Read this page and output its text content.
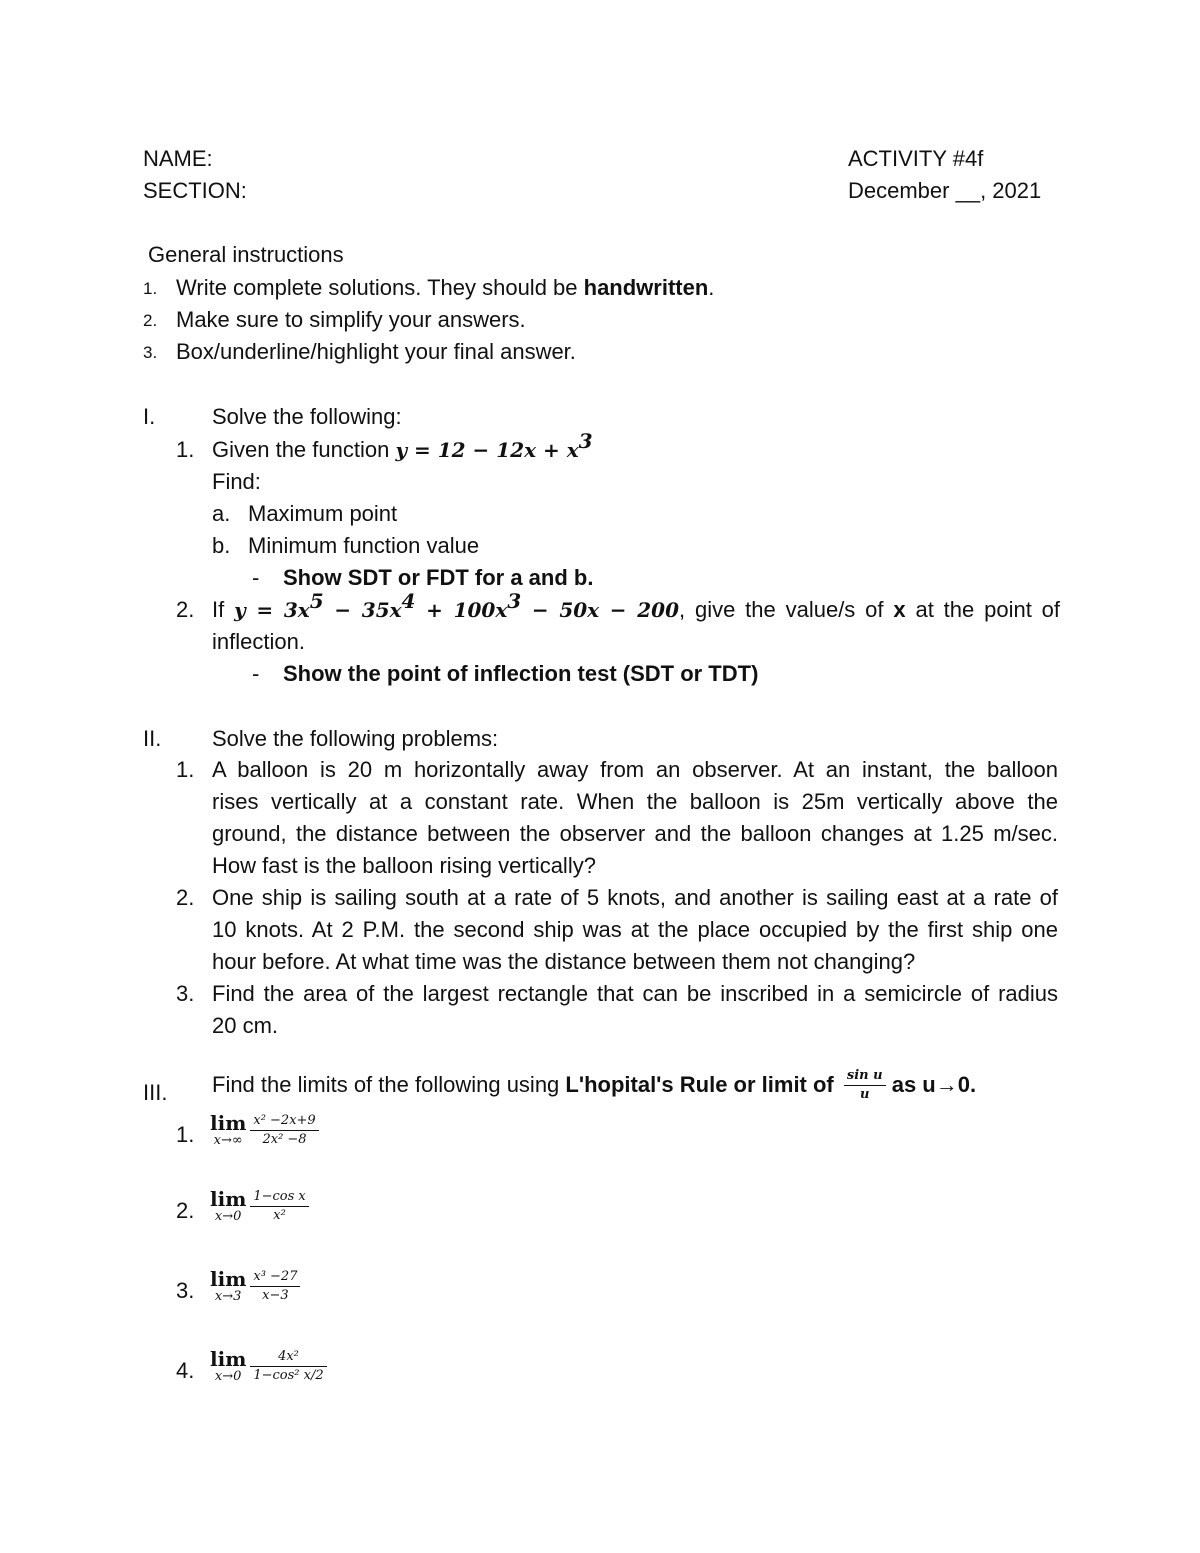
NAME:
SECTION:
ACTIVITY #4f
December __, 2021
General instructions
1. Write complete solutions. They should be handwritten.
2. Make sure to simplify your answers.
3. Box/underline/highlight your final answer.
I.	Solve the following:
1. Given the function $y = 12 - 12x + x^3$
Find:
a. Maximum point
b. Minimum function value
- Show SDT or FDT for a and b.
2. If $y = 3x^5 - 35x^4 + 100x^3 - 50x - 200$, give the value/s of x at the point of
inflection.
- Show the point of inflection test (SDT or TDT)
II. Solve the following problems:
1. A balloon is 20 m horizontally away from an observer. At an instant, the balloon
rises vertically at a constant rate. When the balloon is 25m vertically above the
ground, the distance between the observer and the balloon changes at 1.25 m/sec.
How fast is the balloon rising vertically?
2. One ship is sailing south at a rate of 5 knots, and another is sailing east at a rate of
10 knots. At 2 P.M. the second ship was at the place occupied by the first ship one
hour before. At what time was the distance between them not changing?
3. Find the area of the largest rectangle that can be inscribed in a semicircle of radius
20 cm.
III. Find the limits of the following using L'hopital's Rule or limit of $\frac{\text{sin u}}{u}$ as u→0.
1. lim
$x\to\infty \frac{\text{x² −2x+9}}{\text{2x² −8}}$
2. lim
$x\to 0 \frac{\text{1−cos x}}{\text{x²}}$
3. lim
$x\to 3 \frac{\text{x³ −27}}{x-3}$
4. lim
$x\to 0 \frac{\text{4x²}}{\text{1−cos² x/2}}$
